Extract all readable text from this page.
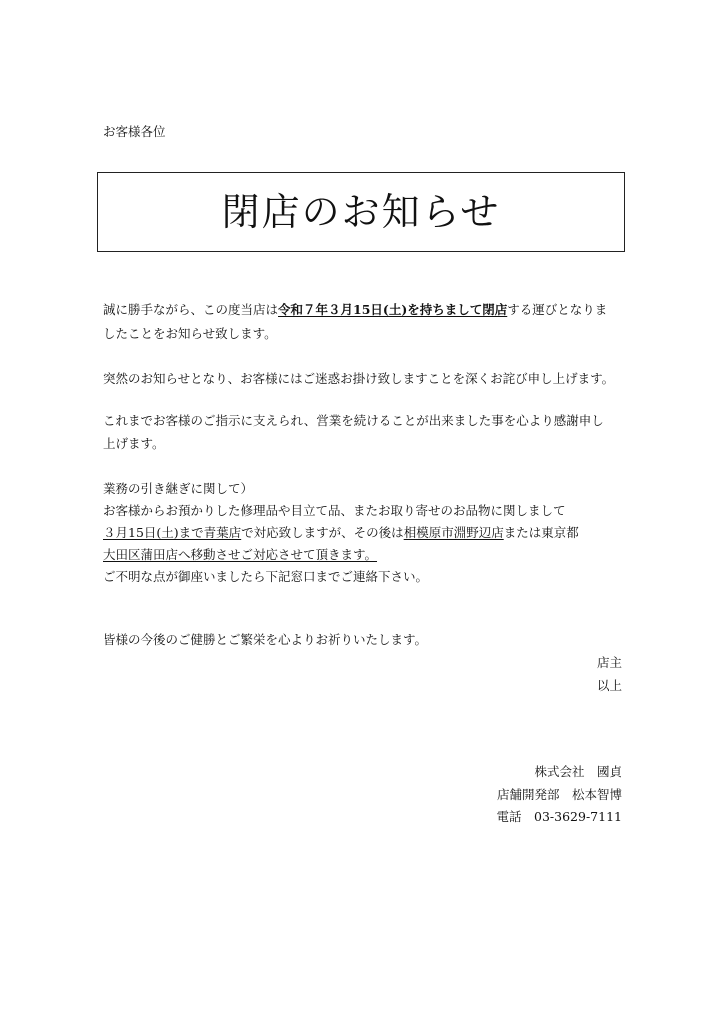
お客様各位
閉店のお知らせ
誠に勝手ながら、この度当店は令和７年３月15日(土)を持ちまして閉店する運びとなりま
したことをお知らせ致します。
突然のお知らせとなり、お客様にはご迷惑お掛け致しますことを深くお詫び申し上げます。
これまでお客様のご指示に支えられ、営業を続けることが出来ました事を心より感謝申し
上げます。
業務の引き継ぎに関して）
お客様からお預かりした修理品や目立て品、またお取り寄せのお品物に関しまして
３月15日(土)まで青葉店で対応致しますが、その後は相模原市淵野辺店または東京都
大田区蒲田店へ移動させご対応させて頂きます。
ご不明な点が御座いましたら下記窓口までご連絡下さい。
皆様の今後のご健勝とご繁栄を心よりお祈りいたします。
店主
以上
株式会社　國貞
店舗開発部　松本智博
電話　03-3629-7111
